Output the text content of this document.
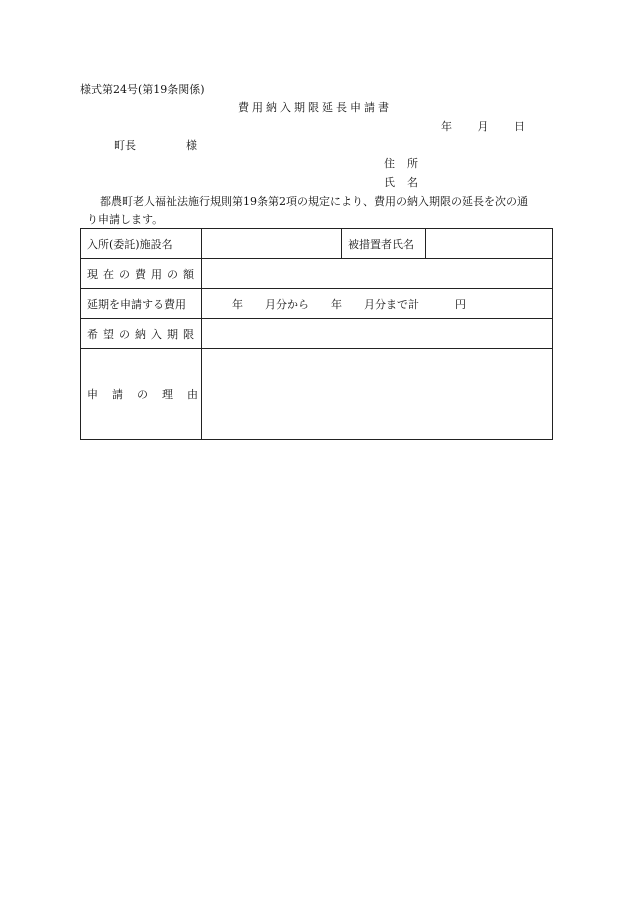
様式第24号(第19条関係)
費用納入期限延長申請書
年 月 日
町長	様
住所
氏名
都農町老人福祉法施行規則第19条第2項の規定により、費用の納入期限の延長を次の通
り申請します。
入所(委託)施設名		被措置者氏名	
現在の費用の額			
延期を申請する費用	年 月分から 年 月分まで計 円		
希望の納入期限			
申請の理由			
